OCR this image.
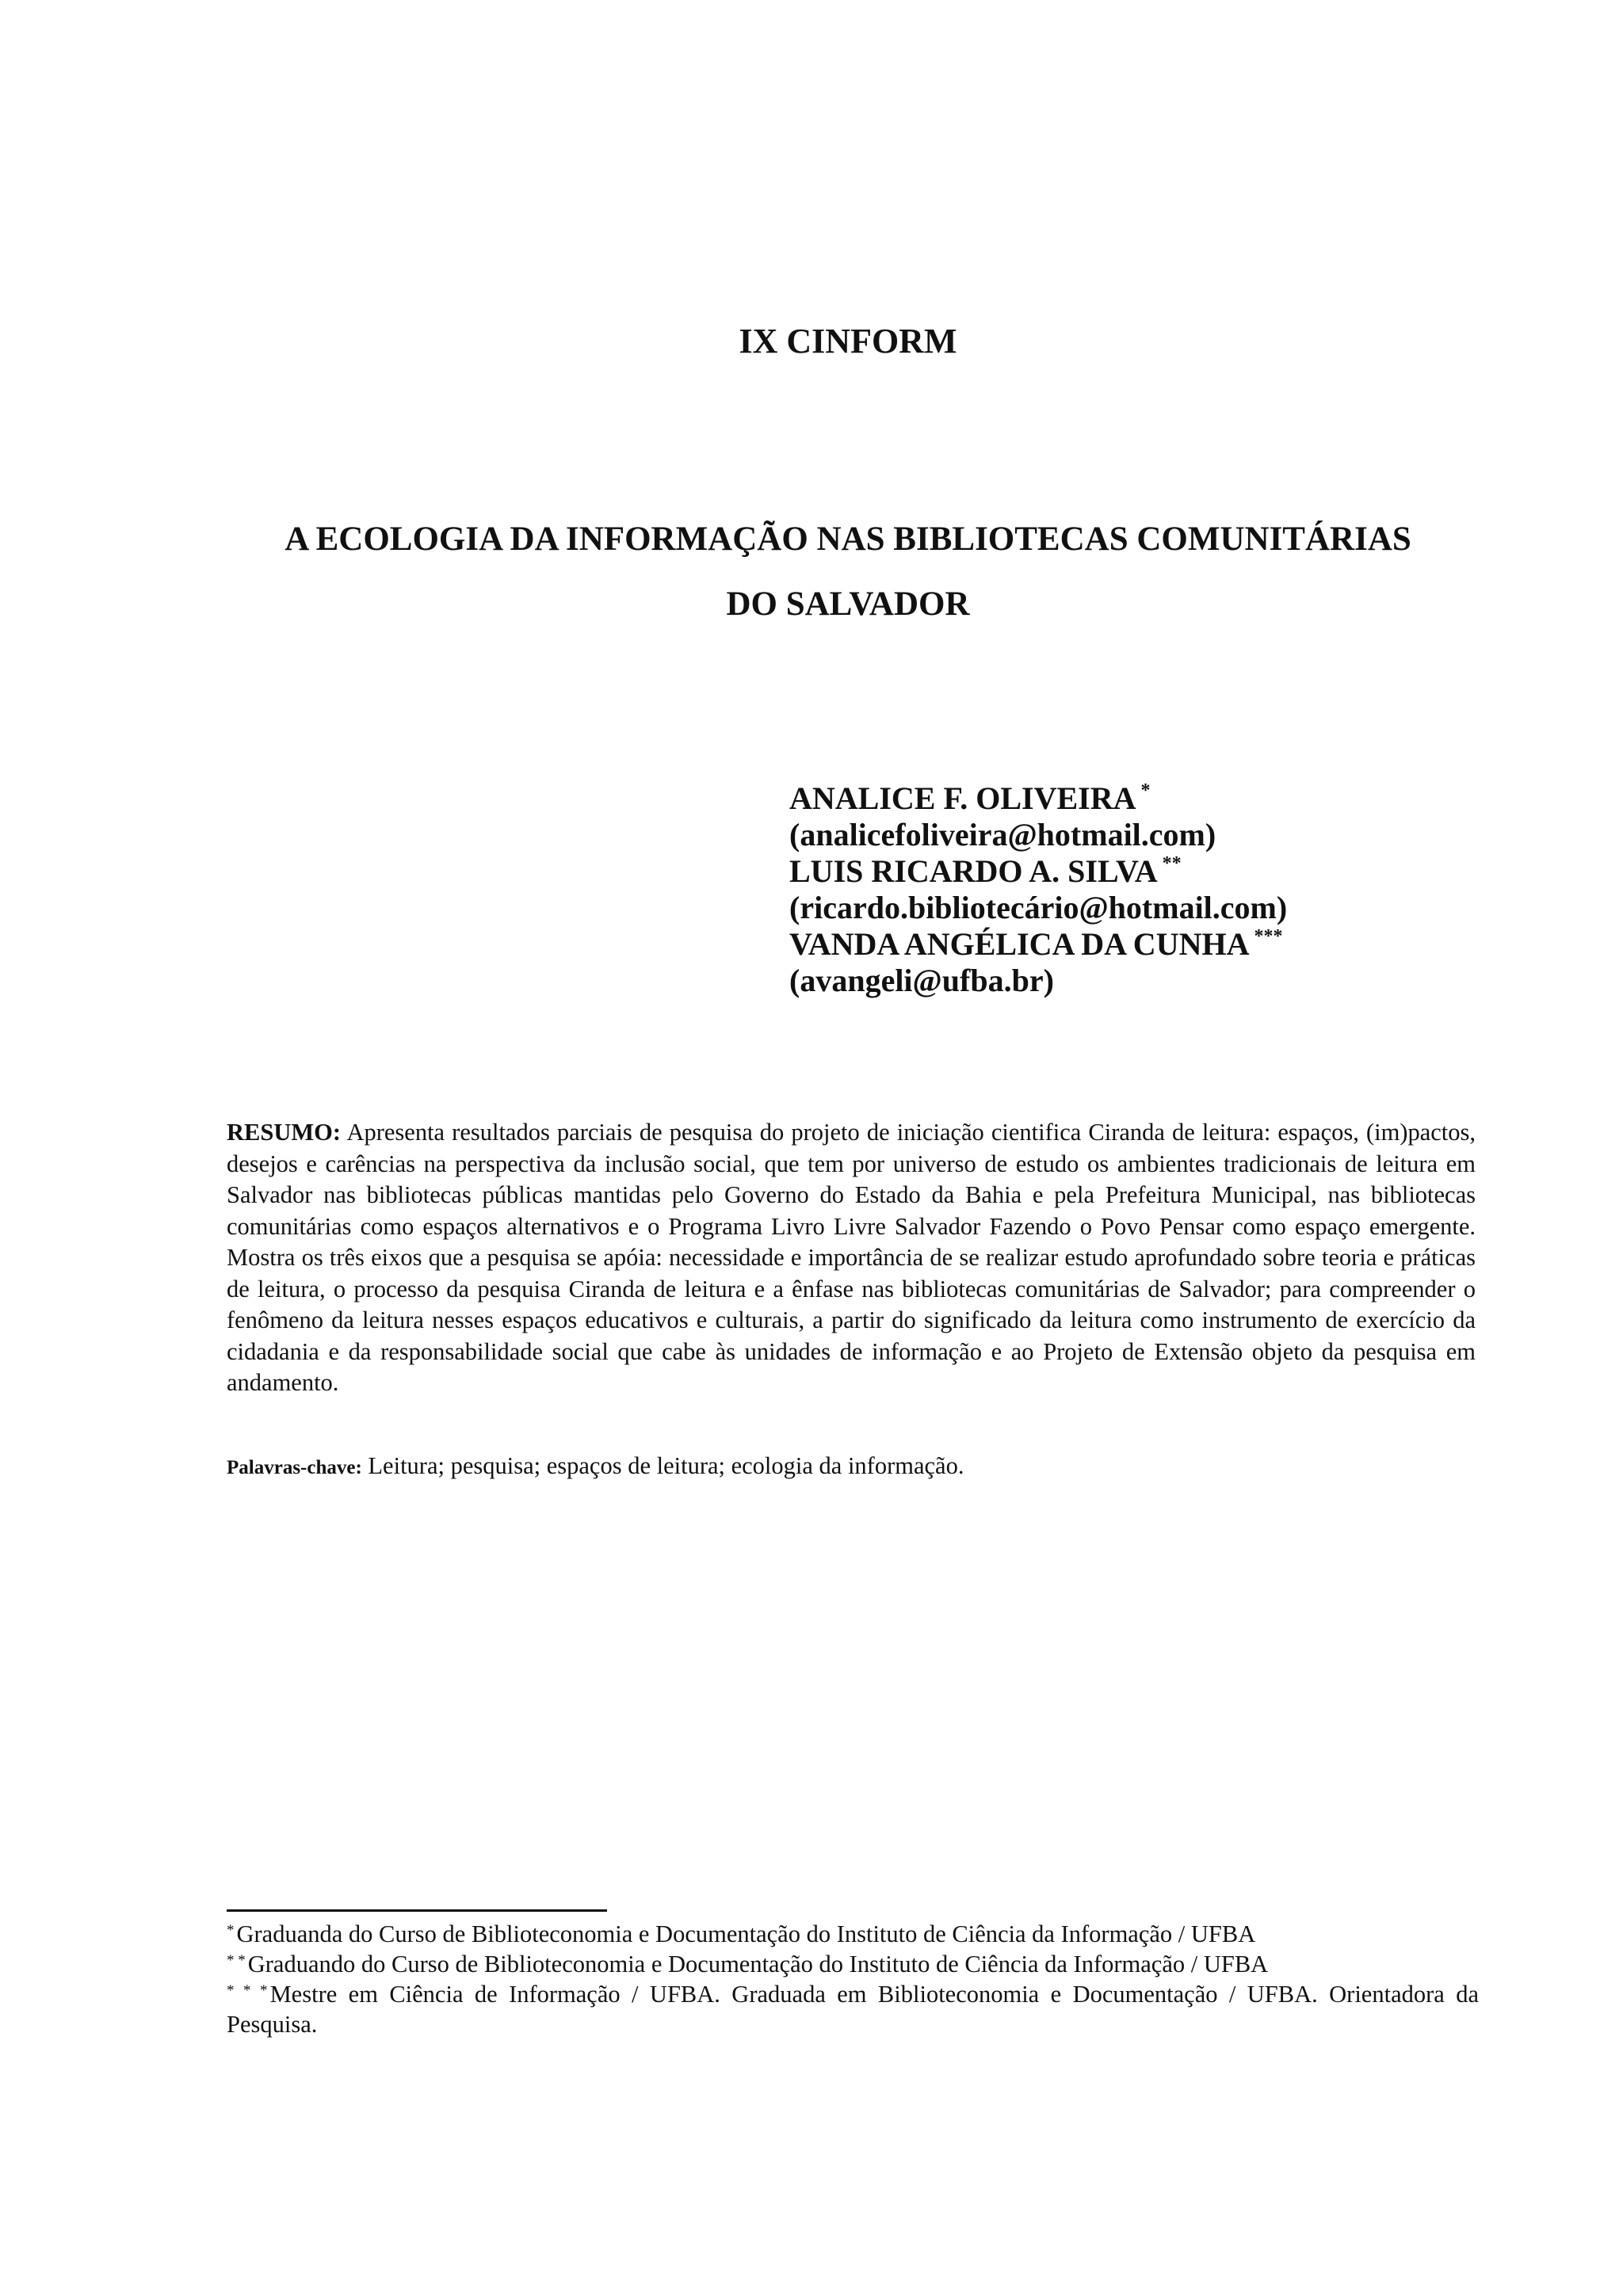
IX CINFORM
A ECOLOGIA DA INFORMAÇÃO NAS BIBLIOTECAS COMUNITÁRIAS
DO SALVADOR
ANALICE F. OLIVEIRA *
(analicefoliveira@hotmail.com)
LUIS RICARDO A. SILVA **
(ricardo.bibliotecário@hotmail.com)
VANDA ANGÉLICA DA CUNHA ***
(avangeli@ufba.br)
RESUMO: Apresenta resultados parciais de pesquisa do projeto de iniciação cientifica Ciranda de leitura: espaços, (im)pactos, desejos e carências na perspectiva da inclusão social, que tem por universo de estudo os ambientes tradicionais de leitura em Salvador nas bibliotecas públicas mantidas pelo Governo do Estado da Bahia e pela Prefeitura Municipal, nas bibliotecas comunitárias como espaços alternativos e o Programa Livro Livre Salvador Fazendo o Povo Pensar como espaço emergente. Mostra os três eixos que a pesquisa se apóia: necessidade e importância de se realizar estudo aprofundado sobre teoria e práticas de leitura, o processo da pesquisa Ciranda de leitura e a ênfase nas bibliotecas comunitárias de Salvador; para compreender o fenômeno da leitura nesses espaços educativos e culturais, a partir do significado da leitura como instrumento de exercício da cidadania e da responsabilidade social que cabe às unidades de informação e ao Projeto de Extensão objeto da pesquisa em andamento.
Palavras-chave: Leitura; pesquisa; espaços de leitura; ecologia da informação.
*Graduanda do Curso de Biblioteconomia e Documentação do Instituto de Ciência da Informação / UFBA
* *Graduando do Curso de Biblioteconomia e Documentação do Instituto de Ciência da Informação / UFBA
* * *Mestre em Ciência de Informação / UFBA. Graduada em Biblioteconomia e Documentação / UFBA. Orientadora da Pesquisa.
